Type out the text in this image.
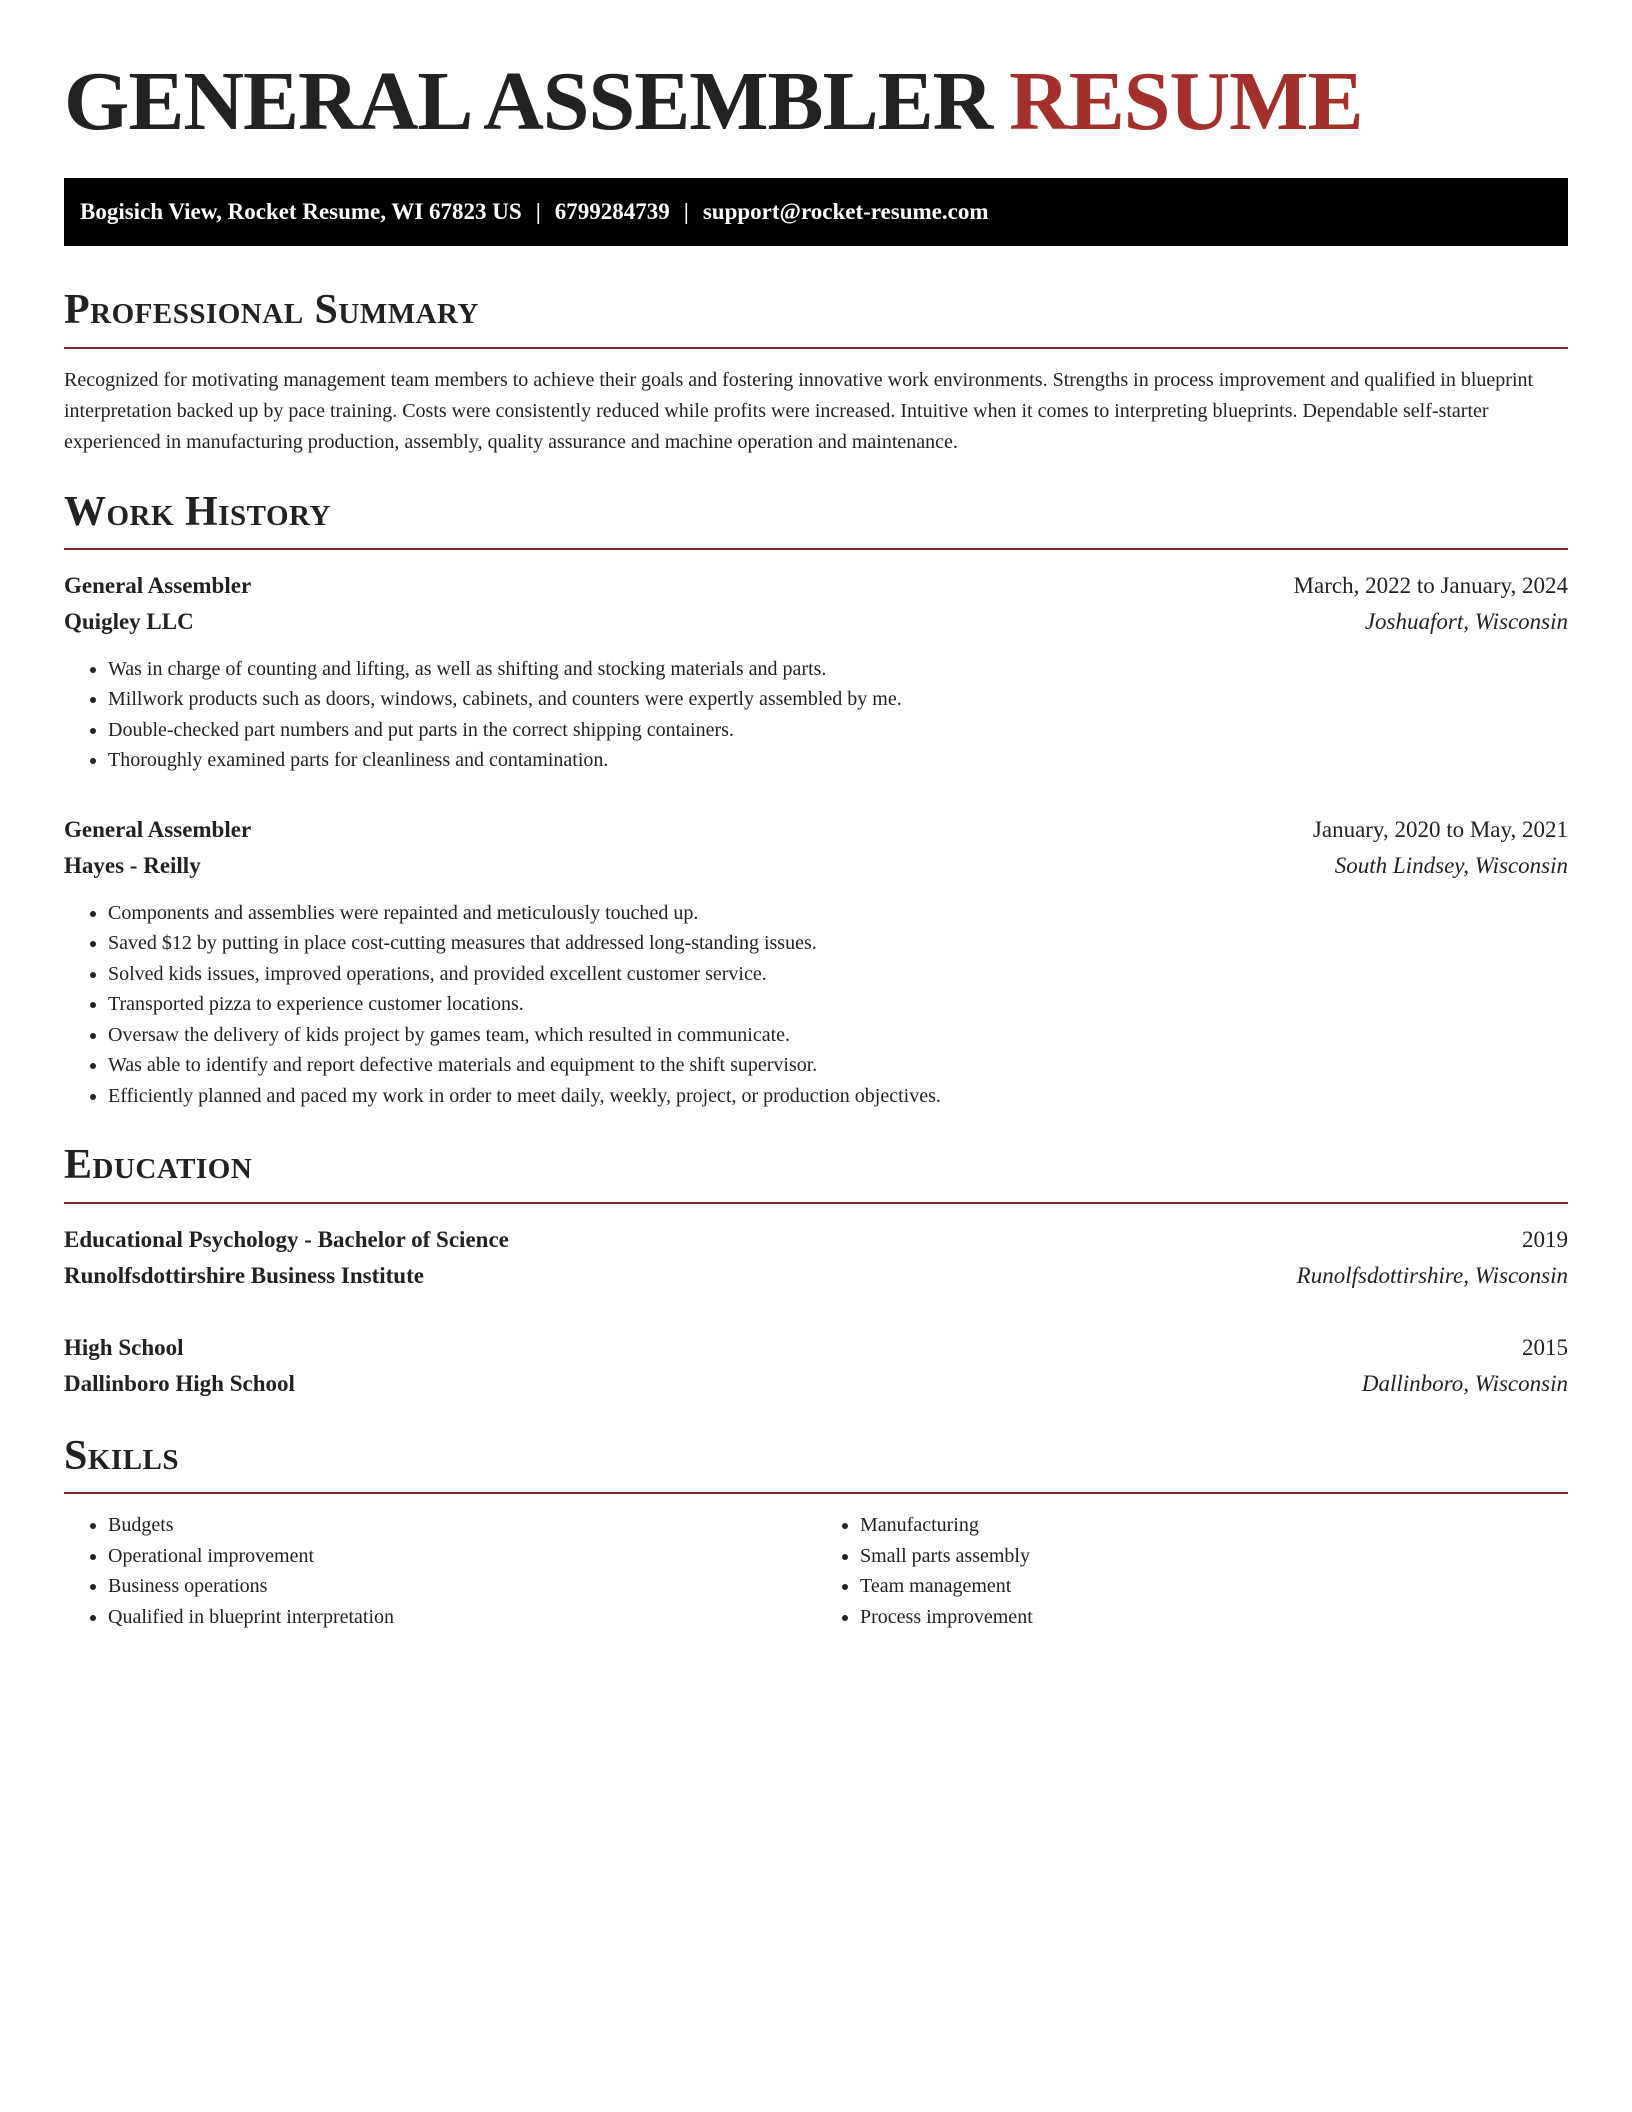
GENERAL ASSEMBLER RESUME
Bogisich View, Rocket Resume, WI 67823 US | 6799284739 | support@rocket-resume.com
Professional Summary

Recognized for motivating management team members to achieve their goals and fostering innovative work environments. Strengths in process improvement and qualified in blueprint interpretation backed up by pace training. Costs were consistently reduced while profits were increased. Intuitive when it comes to interpreting blueprints. Dependable self-starter experienced in manufacturing production, assembly, quality assurance and machine operation and maintenance.

Work History
General Assembler	March, 2022 to January, 2024
Quigley LLC	Joshuafort, Wisconsin
• Was in charge of counting and lifting, as well as shifting and stocking materials and parts.
• Millwork products such as doors, windows, cabinets, and counters were expertly assembled by me.
• Double-checked part numbers and put parts in the correct shipping containers.
• Thoroughly examined parts for cleanliness and contamination.
General Assembler	January, 2020 to May, 2021
Hayes - Reilly	South Lindsey, Wisconsin
• Components and assemblies were repainted and meticulously touched up.
• Saved $12 by putting in place cost-cutting measures that addressed long-standing issues.
• Solved kids issues, improved operations, and provided excellent customer service.
• Transported pizza to experience customer locations.
• Oversaw the delivery of kids project by games team, which resulted in communicate.
• Was able to identify and report defective materials and equipment to the shift supervisor.
• Efficiently planned and paced my work in order to meet daily, weekly, project, or production objectives.
Education
Educational Psychology - Bachelor of Science	2019
Runolfsdottirshire Business Institute	Runolfsdottirshire, Wisconsin
High School	2015
Dallinboro High School	Dallinboro, Wisconsin
Skills
• Budgets
• Operational improvement
• Business operations
• Qualified in blueprint interpretation
• Manufacturing
• Small parts assembly
• Team management
• Process improvement
